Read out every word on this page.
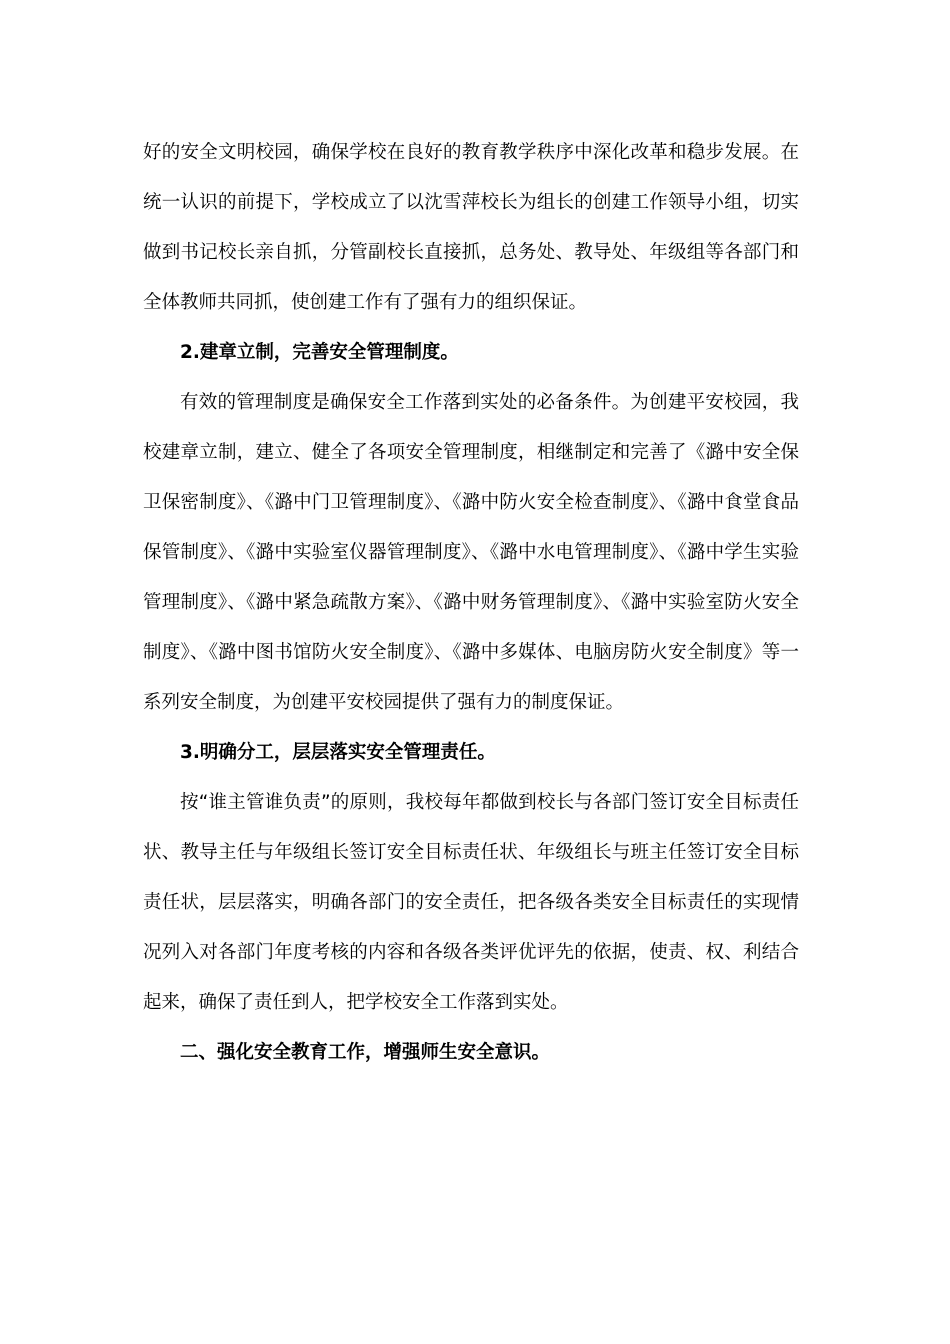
好的安全文明校园，确保学校在良好的教育教学秩序中深化改革和稳步发展。在统一认识的前提下，学校成立了以沈雪萍校长为组长的创建工作领导小组，切实做到书记校长亲自抓，分管副校长直接抓，总务处、教导处、年级组等各部门和全体教师共同抓，使创建工作有了强有力的组织保证。

2.建章立制，完善安全管理制度。

有效的管理制度是确保安全工作落到实处的必备条件。为创建平安校园，我校建章立制，建立、健全了各项安全管理制度，相继制定和完善了《潞中安全保卫保密制度》、《潞中门卫管理制度》、《潞中防火安全检查制度》、《潞中食堂食品保管制度》、《潞中实验室仪器管理制度》、《潞中水电管理制度》、《潞中学生实验管理制度》、《潞中紧急疏散方案》、《潞中财务管理制度》、《潞中实验室防火安全制度》、《潞中图书馆防火安全制度》、《潞中多媒体、电脑房防火安全制度》等一系列安全制度，为创建平安校园提供了强有力的制度保证。

3.明确分工，层层落实安全管理责任。

按“谁主管谁负责”的原则，我校每年都做到校长与各部门签订安全目标责任状、教导主任与年级组长签订安全目标责任状、年级组长与班主任签订安全目标责任状，层层落实，明确各部门的安全责任，把各级各类安全目标责任的实现情况列入对各部门年度考核的内容和各级各类评优评先的依据，使责、权、利结合起来，确保了责任到人，把学校安全工作落到实处。

二、强化安全教育工作，增强师生安全意识。
